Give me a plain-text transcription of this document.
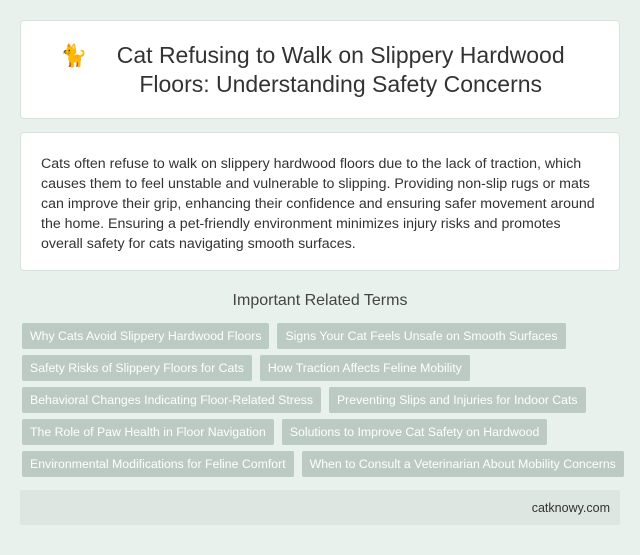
🐈	Cat Refusing to Walk on Slippery Hardwood Floors: Understanding Safety Concerns

Cats often refuse to walk on slippery hardwood floors due to the lack of traction, which causes them to feel unstable and vulnerable to slipping. Providing non-slip rugs or mats can improve their grip, enhancing their confidence and ensuring safer movement around the home. Ensuring a pet-friendly environment minimizes injury risks and promotes overall safety for cats navigating smooth surfaces.

Important Related Terms
Why Cats Avoid Slippery Hardwood Floors	Signs Your Cat Feels Unsafe on Smooth Surfaces
Safety Risks of Slippery Floors for Cats	How Traction Affects Feline Mobility
Behavioral Changes Indicating Floor-Related Stress	Preventing Slips and Injuries for Indoor Cats
The Role of Paw Health in Floor Navigation	Solutions to Improve Cat Safety on Hardwood
Environmental Modifications for Feline Comfort	When to Consult a Veterinarian About Mobility Concerns
catknowy.com
